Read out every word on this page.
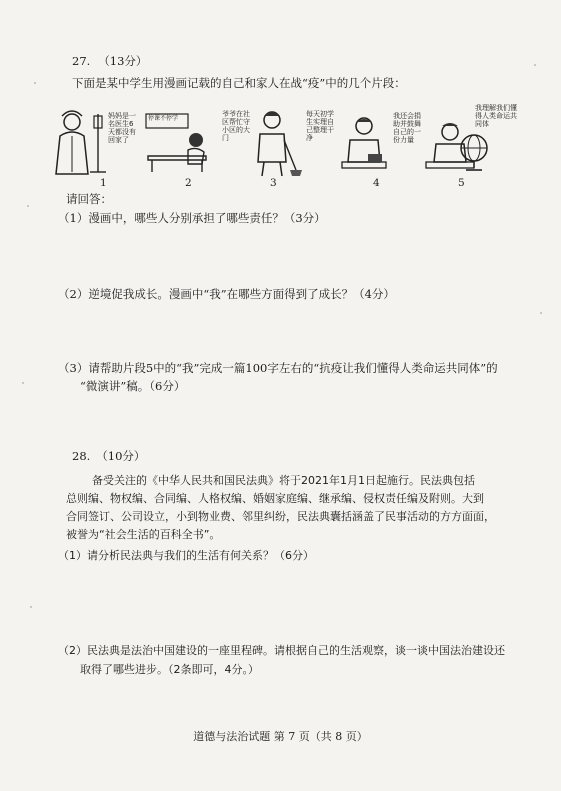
27. （13分）
下面是某中学生用漫画记载的自己和家人在战“疫”中的几个片段：
妈妈是一名医生6天都没有回家了
停课不停学
爷爷在社区帮忙守小区的大门
每天初学生实理自己整理干净
我还会捐助并鼓舞自己的一份力量
我理解我们懂得人类命运共同体
1	2	3	4	5
请回答：
（1）漫画中，哪些人分别承担了哪些责任？（3分）
（2）逆境促我成长。漫画中“我”在哪些方面得到了成长？（4分）
（3）请帮助片段5中的“我”完成一篇100字左右的“抗疫让我们懂得人类命运共同体”的
“微演讲”稿。（6分）
28. （10分）
备受关注的《中华人民共和国民法典》将于2021年1月1日起施行。民法典包括
总则编、物权编、合同编、人格权编、婚姻家庭编、继承编、侵权责任编及附则。大到
合同签订、公司设立，小到物业费、邻里纠纷，民法典囊括涵盖了民事活动的方方面面，
被誉为“社会生活的百科全书”。
（1）请分析民法典与我们的生活有何关系？（6分）
（2）民法典是法治中国建设的一座里程碑。请根据自己的生活观察，谈一谈中国法治建设还
取得了哪些进步。（2条即可，4分。）
道德与法治试题 第 7 页（共 8 页）
